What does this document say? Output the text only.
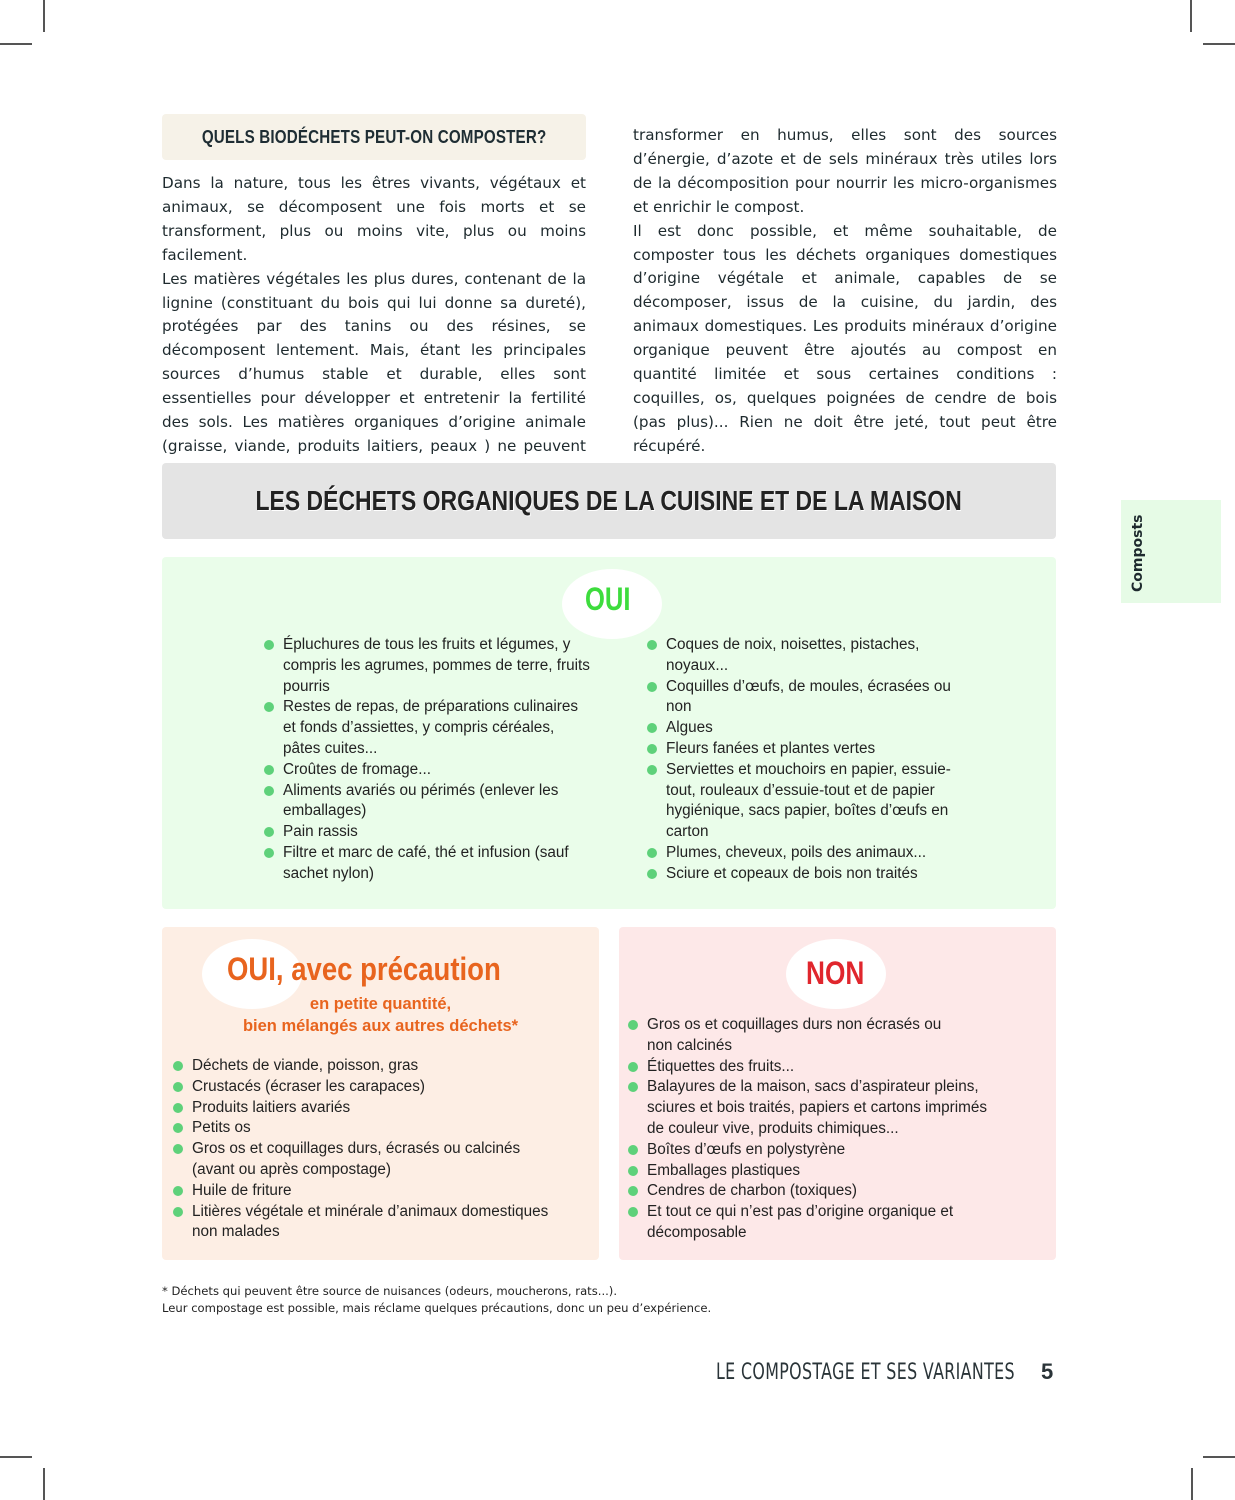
QUELS BIODÉCHETS PEUT-ON COMPOSTER?

Dans la nature, tous les êtres vivants, végétaux et animaux, se décomposent une fois morts et se transforment, plus ou moins vite, plus ou moins facilement.

Les matières végétales les plus dures, contenant de la lignine (constituant du bois qui lui donne sa dureté), protégées par des tanins ou des résines, se décomposent lentement. Mais, étant les principales sources d’humus stable et durable, elles sont essentielles pour développer et entretenir la fertilité des sols. Les matières organiques d’origine animale (graisse, viande, produits laitiers, peaux ) ne peuvent

transformer en humus, elles sont des sources d’énergie, d’azote et de sels minéraux très utiles lors de la décomposition pour nourrir les micro-organismes et enrichir le compost.

Il est donc possible, et même souhaitable, de composter tous les déchets organiques domestiques d’origine végétale et animale, capables de se décomposer, issus de la cuisine, du jardin, des animaux domestiques. Les produits minéraux d’origine organique peuvent être ajoutés au compost en quantité limitée et sous certaines conditions : coquilles, os, quelques poignées de cendre de bois (pas plus)... Rien ne doit être jeté, tout peut être récupéré.

LES DÉCHETS ORGANIQUES DE LA CUISINE ET DE LA MAISON
OUI
Épluchures de tous les fruits et légumes, y compris les agrumes, pommes de terre, fruits pourris
Restes de repas, de préparations culinaires et fonds d’assiettes, y compris céréales, pâtes cuites...
Croûtes de fromage...
Aliments avariés ou périmés (enlever les emballages)
Pain rassis
Filtre et marc de café, thé et infusion (sauf sachet nylon)
Coques de noix, noisettes, pistaches, noyaux...
Coquilles d’œufs, de moules, écrasées ou non
Algues
Fleurs fanées et plantes vertes
Serviettes et mouchoirs en papier, essuie-tout, rouleaux d’essuie-tout et de papier hygiénique, sacs papier, boîtes d’œufs en carton
Plumes, cheveux, poils des animaux...
Sciure et copeaux de bois non traités
OUI, avec précaution
en petite quantité,
bien mélangés aux autres déchets*
Déchets de viande, poisson, gras
Crustacés (écraser les carapaces)
Produits laitiers avariés
Petits os
Gros os et coquillages durs, écrasés ou calcinés (avant ou après compostage)
Huile de friture
Litières végétale et minérale d’animaux domestiques non malades
NON
Gros os et coquillages durs non écrasés ou non calcinés
Étiquettes des fruits...
Balayures de la maison, sacs d’aspirateur pleins, sciures et bois traités, papiers et cartons imprimés de couleur vive, produits chimiques...
Boîtes d’œufs en polystyrène
Emballages plastiques
Cendres de charbon (toxiques)
Et tout ce qui n’est pas d’origine organique et décomposable
* Déchets qui peuvent être source de nuisances (odeurs, moucherons, rats...).
Leur compostage est possible, mais réclame quelques précautions, donc un peu d’expérience.
LE COMPOSTAGE ET SES VARIANTES 5
Composts
